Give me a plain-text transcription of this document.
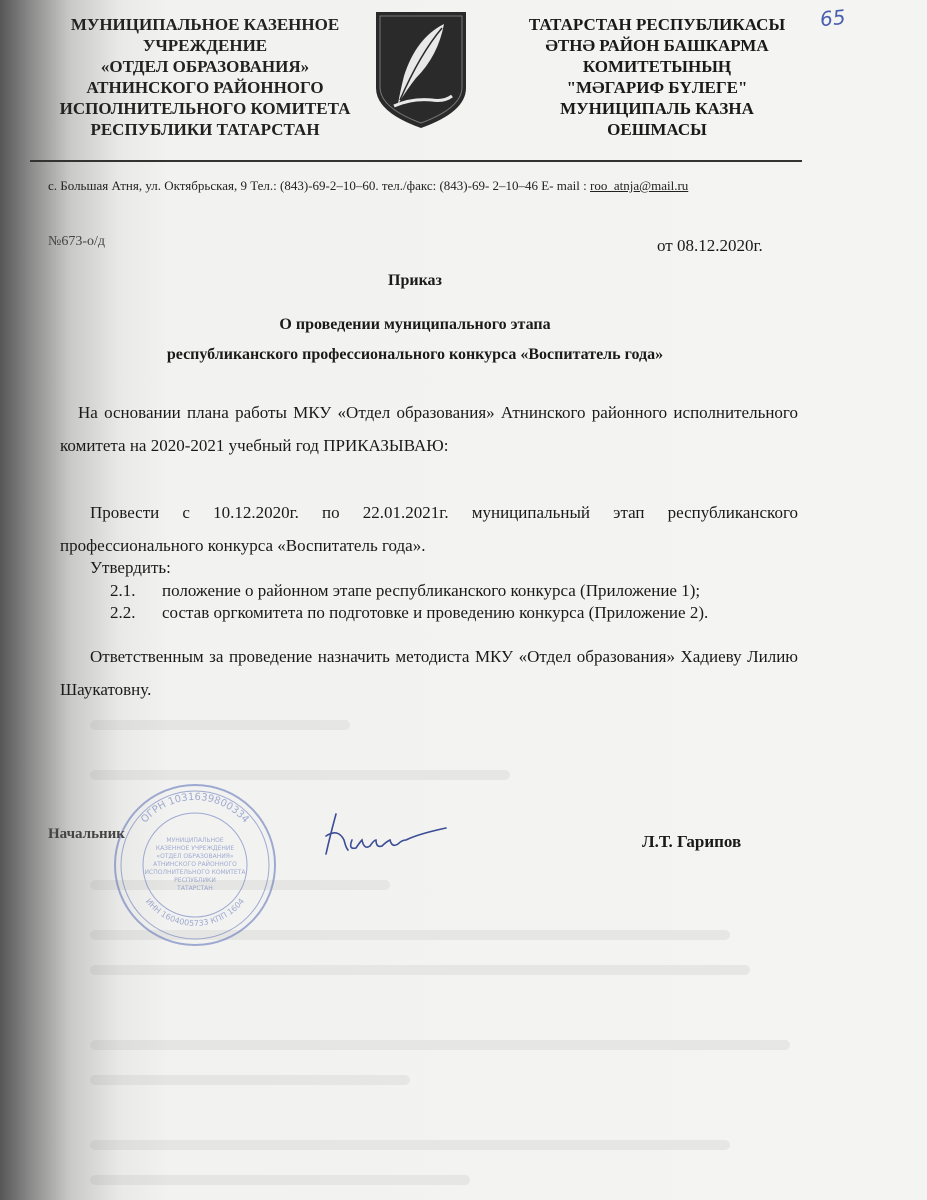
МУНИЦИПАЛЬНОЕ КАЗЕННОЕ
УЧРЕЖДЕНИЕ
«ОТДЕЛ ОБРАЗОВАНИЯ»
АТНИНСКОГО РАЙОННОГО
ИСПОЛНИТЕЛЬНОГО КОМИТЕТА
РЕСПУБЛИКИ ТАТАРСТАН
ТАТАРСТАН РЕСПУБЛИКАСЫ
ӘТНӘ РАЙОН БАШКАРМА
КОМИТЕТЫНЫҢ
"МӘГАРИФ БҮЛЕГЕ"
МУНИЦИПАЛЬ КАЗНА
ОЕШМАСЫ
65
с. Большая Атня, ул. Октябрьская, 9 Тел.: (843)-69-2–10–60. тел./факс: (843)-69- 2–10–46 E- mail : roo_atnja@mail.ru
№673-о/д	от 08.12.2020г.
Приказ
О проведении муниципального этапа
республиканского профессионального конкурса «Воспитатель года»
На основании плана работы МКУ «Отдел образования» Атнинского районного исполнительного комитета на 2020-2021 учебный год ПРИКАЗЫВАЮ:
Провести с 10.12.2020г. по 22.01.2021г. муниципальный этап республиканского профессионального конкурса «Воспитатель года».
Утвердить:
2.1. положение о районном этапе республиканского конкурса (Приложение 1);
2.2. состав оргкомитета по подготовке и проведению конкурса (Приложение 2).
Ответственным за проведение назначить методиста МКУ «Отдел образования» Хадиеву Лилию Шаукатовну.
ОГРН 1031639800334
ИНН 1604005733 КПП 1604
МУНИЦИПАЛЬНОЕ
КАЗЕННОЕ УЧРЕЖДЕНИЕ
«ОТДЕЛ ОБРАЗОВАНИЯ»
АТНИНСКОГО РАЙОННОГО
ИСПОЛНИТЕЛЬНОГО КОМИТЕТА
РЕСПУБЛИКИ
ТАТАРСТАН
Начальник	Л.Т. Гарипов
